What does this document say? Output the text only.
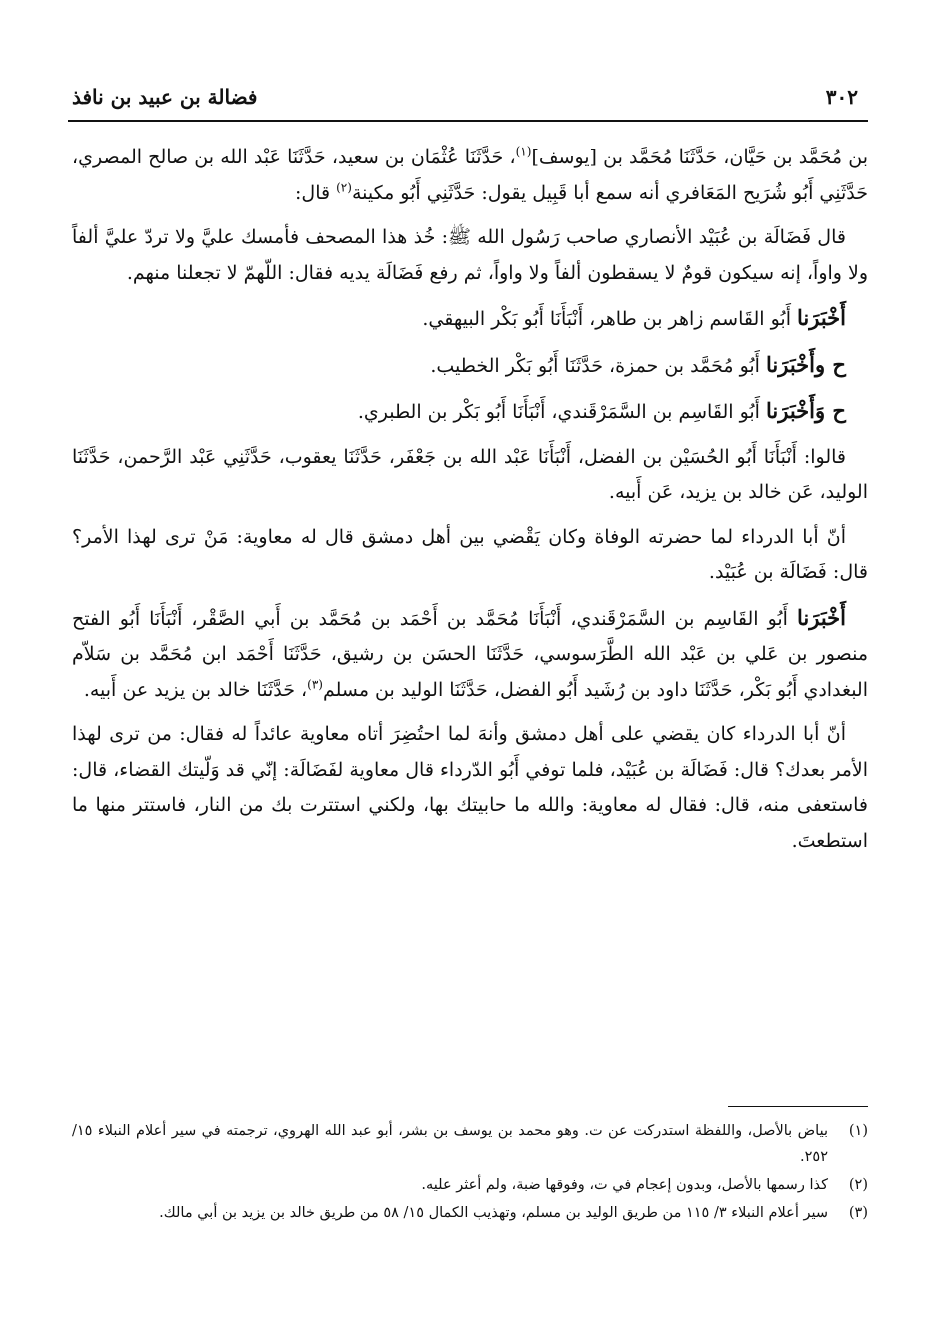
٣٠٢
فضالة بن عبيد بن نافذ

بن مُحَمَّد بن حَيَّان، حَدَّثَنَا مُحَمَّد بن [يوسف]$^{(١)}$، حَدَّثَنَا عُثْمَان بن سعيد، حَدَّثَنَا عَبْد الله بن صالح المصري، حَدَّثَنِي أَبُو شُرَيح المَعَافري أنه سمع أبا قَبِيل يقول: حَدَّثَنِي أَبُو مكينة$^{(٢)}$ قال:

قال فَضَالَة بن عُبَيْد الأنصاري صاحب رَسُول الله ﷺ: خُذ هذا المصحف فأمسك عليَّ ولا تردّ عليَّ ألفاً ولا واواً، إنه سيكون قومٌ لا يسقطون ألفاً ولا واواً، ثم رفع فَضَالَة يديه فقال: اللّهمّ لا تجعلنا منهم.

أَخْبَرَنا أَبُو القَاسم زاهر بن طاهر، أَنْبَأَنَا أَبُو بَكْر البيهقي.

ح وأَخْبَرَنا أَبُو مُحَمَّد بن حمزة، حَدَّثَنَا أَبُو بَكْر الخطيب.

ح وَأَخْبَرَنا أَبُو القَاسِم بن السَّمَرْقَندي، أَنْبَأَنَا أَبُو بَكْر بن الطبري.

قالوا: أَنْبَأَنَا أَبُو الحُسَيْن بن الفضل، أَنْبَأَنَا عَبْد الله بن جَعْفَر، حَدَّثَنَا يعقوب، حَدَّثَنِي عَبْد الرَّحمن، حَدَّثَنَا الوليد، عَن خالد بن يزيد، عَن أَبيه.

أنّ أبا الدرداء لما حضرته الوفاة وكان يَقْضي بين أهل دمشق قال له معاوية: مَنْ ترى لهذا الأمر؟ قال: فَضَالَة بن عُبَيْد.

أَخْبَرَنا أَبُو القَاسِم بن السَّمَرْقَندي، أَنْبَأَنَا مُحَمَّد بن أَحْمَد بن مُحَمَّد بن أَبي الصَّقْر، أَنْبَأَنَا أَبُو الفتح منصور بن عَلي بن عَبْد الله الطَّرَسوسي، حَدَّثَنَا الحسَن بن رشيق، حَدَّثَنَا أَحْمَد ابن مُحَمَّد بن سَلاّم البغدادي أَبُو بَكْر، حَدَّثَنَا داود بن رُشَيد أَبُو الفضل، حَدَّثَنَا الوليد بن مسلم$^{(٣)}$، حَدَّثَنَا خالد بن يزيد عن أَبيه.

أنّ أبا الدرداء كان يقضي على أهل دمشق وأنهَ لما احتُضِرَ أتاه معاوية عائداً له فقال: من ترى لهذا الأمر بعدك؟ قال: فَضَالَة بن عُبَيْد، فلما توفي أَبُو الدّرداء قال معاوية لفَضَالَة: إنّي قد وَلّيتك القضاء، قال: فاستعفى منه، قال: فقال له معاوية: والله ما حابيتك بها، ولكني استترت بك من النار، فاستتر منها ما استطعتَ.

(١)
بياض بالأصل، واللفظة استدركت عن ت. وهو محمد بن يوسف بن بشر، أبو عبد الله الهروي، ترجمته في سير أعلام النبلاء ١٥/ ٢٥٢.
(٢)
كذا رسمها بالأصل، وبدون إعجام في ت، وفوقها ضبة، ولم أعثر عليه.
(٣)
سير أعلام النبلاء ٣/ ١١٥ من طريق الوليد بن مسلم، وتهذيب الكمال ١٥/ ٥٨ من طريق خالد بن يزيد بن أبي مالك.
